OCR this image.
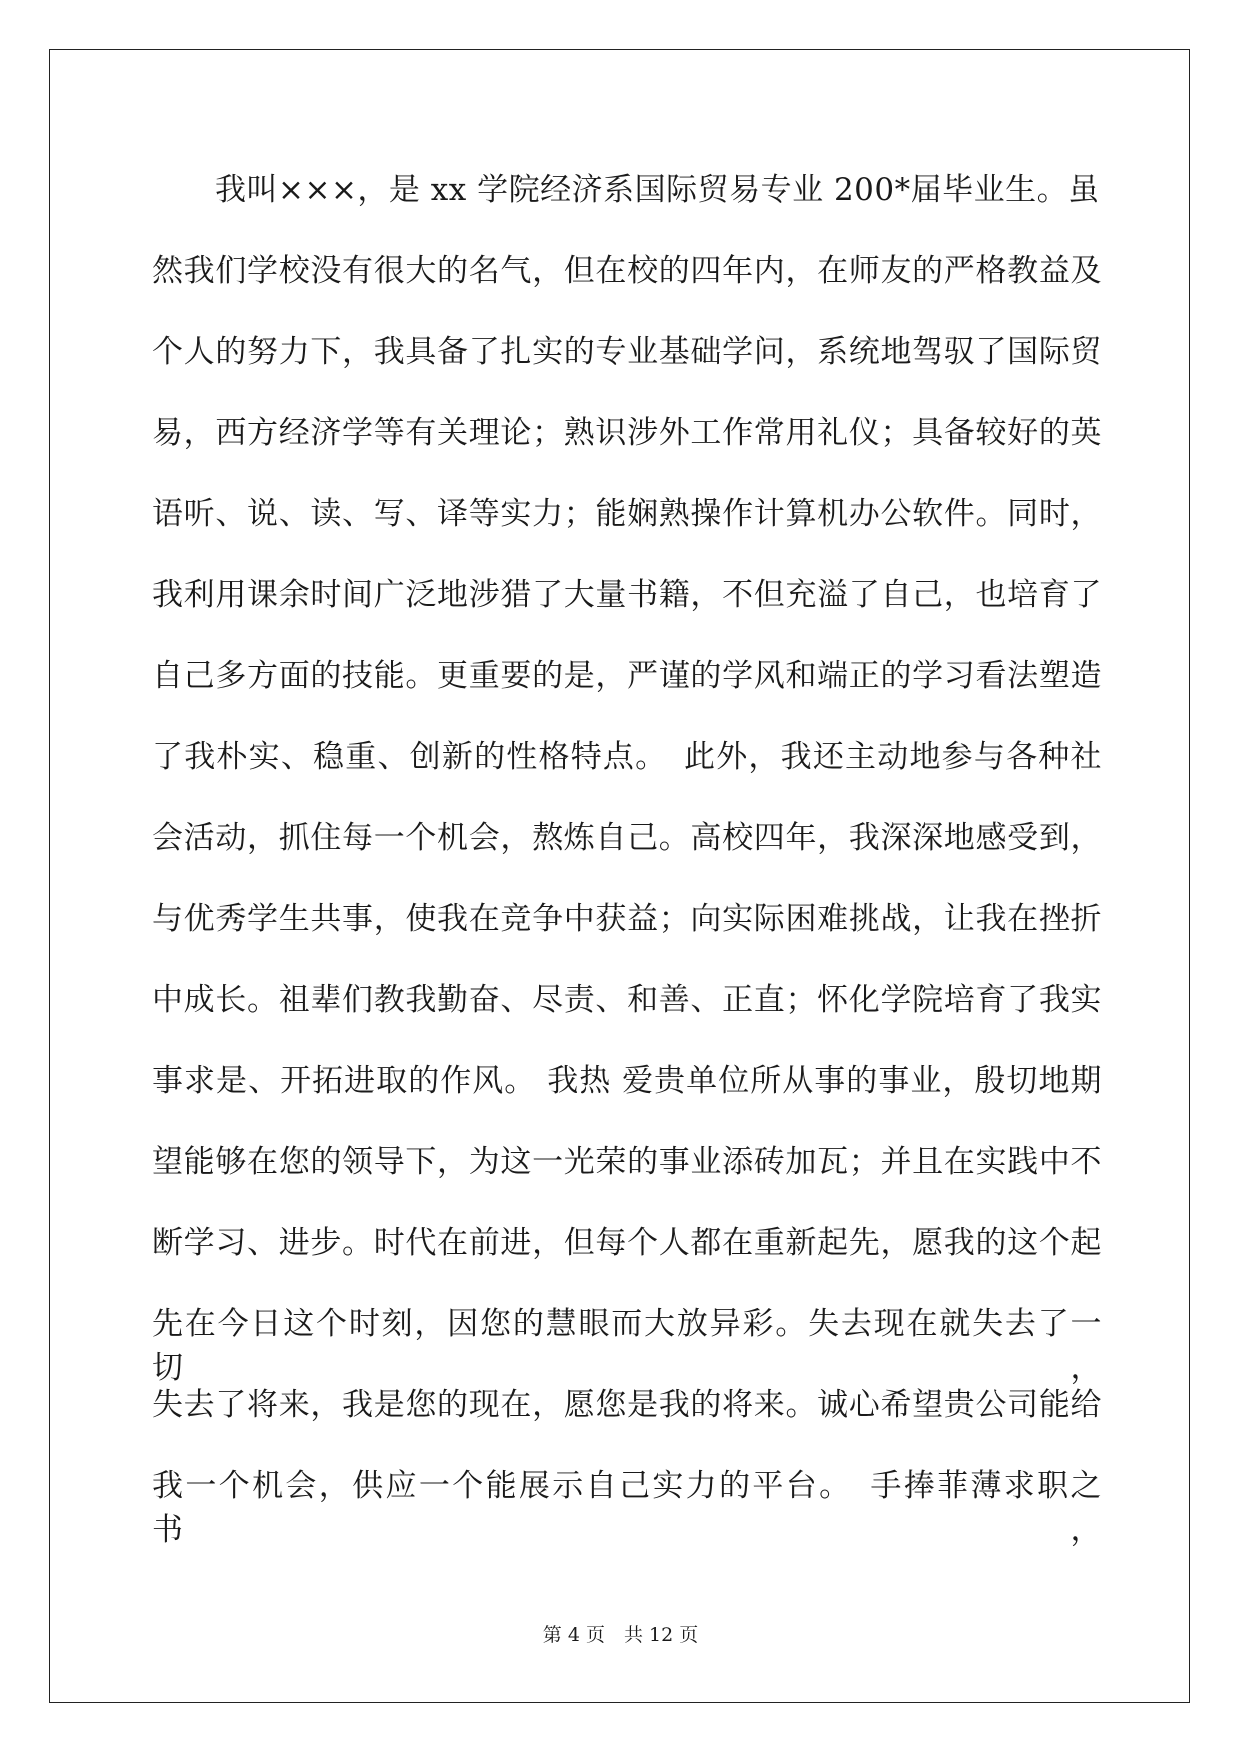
　　我叫×××，是 xx 学院经济系国际贸易专业 200*届毕业生。虽
然我们学校没有很大的名气，但在校的四年内，在师友的严格教益及
个人的努力下，我具备了扎实的专业基础学问，系统地驾驭了国际贸
易，西方经济学等有关理论；熟识涉外工作常用礼仪；具备较好的英
语听、说、读、写、译等实力；能娴熟操作计算机办公软件。同时，
我利用课余时间广泛地涉猎了大量书籍，不但充溢了自己，也培育了
自己多方面的技能。更重要的是，严谨的学风和端正的学习看法塑造
了我朴实、稳重、创新的性格特点。　此外，我还主动地参与各种社
会活动，抓住每一个机会，熬炼自己。高校四年，我深深地感受到，
与优秀学生共事，使我在竞争中获益；向实际困难挑战，让我在挫折
中成长。祖辈们教我勤奋、尽责、和善、正直；怀化学院培育了我实
事求是、开拓进取的作风。 我热 爱贵单位所从事的事业，殷切地期
望能够在您的领导下，为这一光荣的事业添砖加瓦；并且在实践中不
断学习、进步。时代在前进，但每个人都在重新起先，愿我的这个起
先在今日这个时刻，因您的慧眼而大放异彩。失去现在就失去了一切，
失去了将来，我是您的现在，愿您是我的将来。诚心希望贵公司能给
我一个机会，供应一个能展示自己实力的平台。　手捧菲薄求职之书，
第 4 页　共 12 页
